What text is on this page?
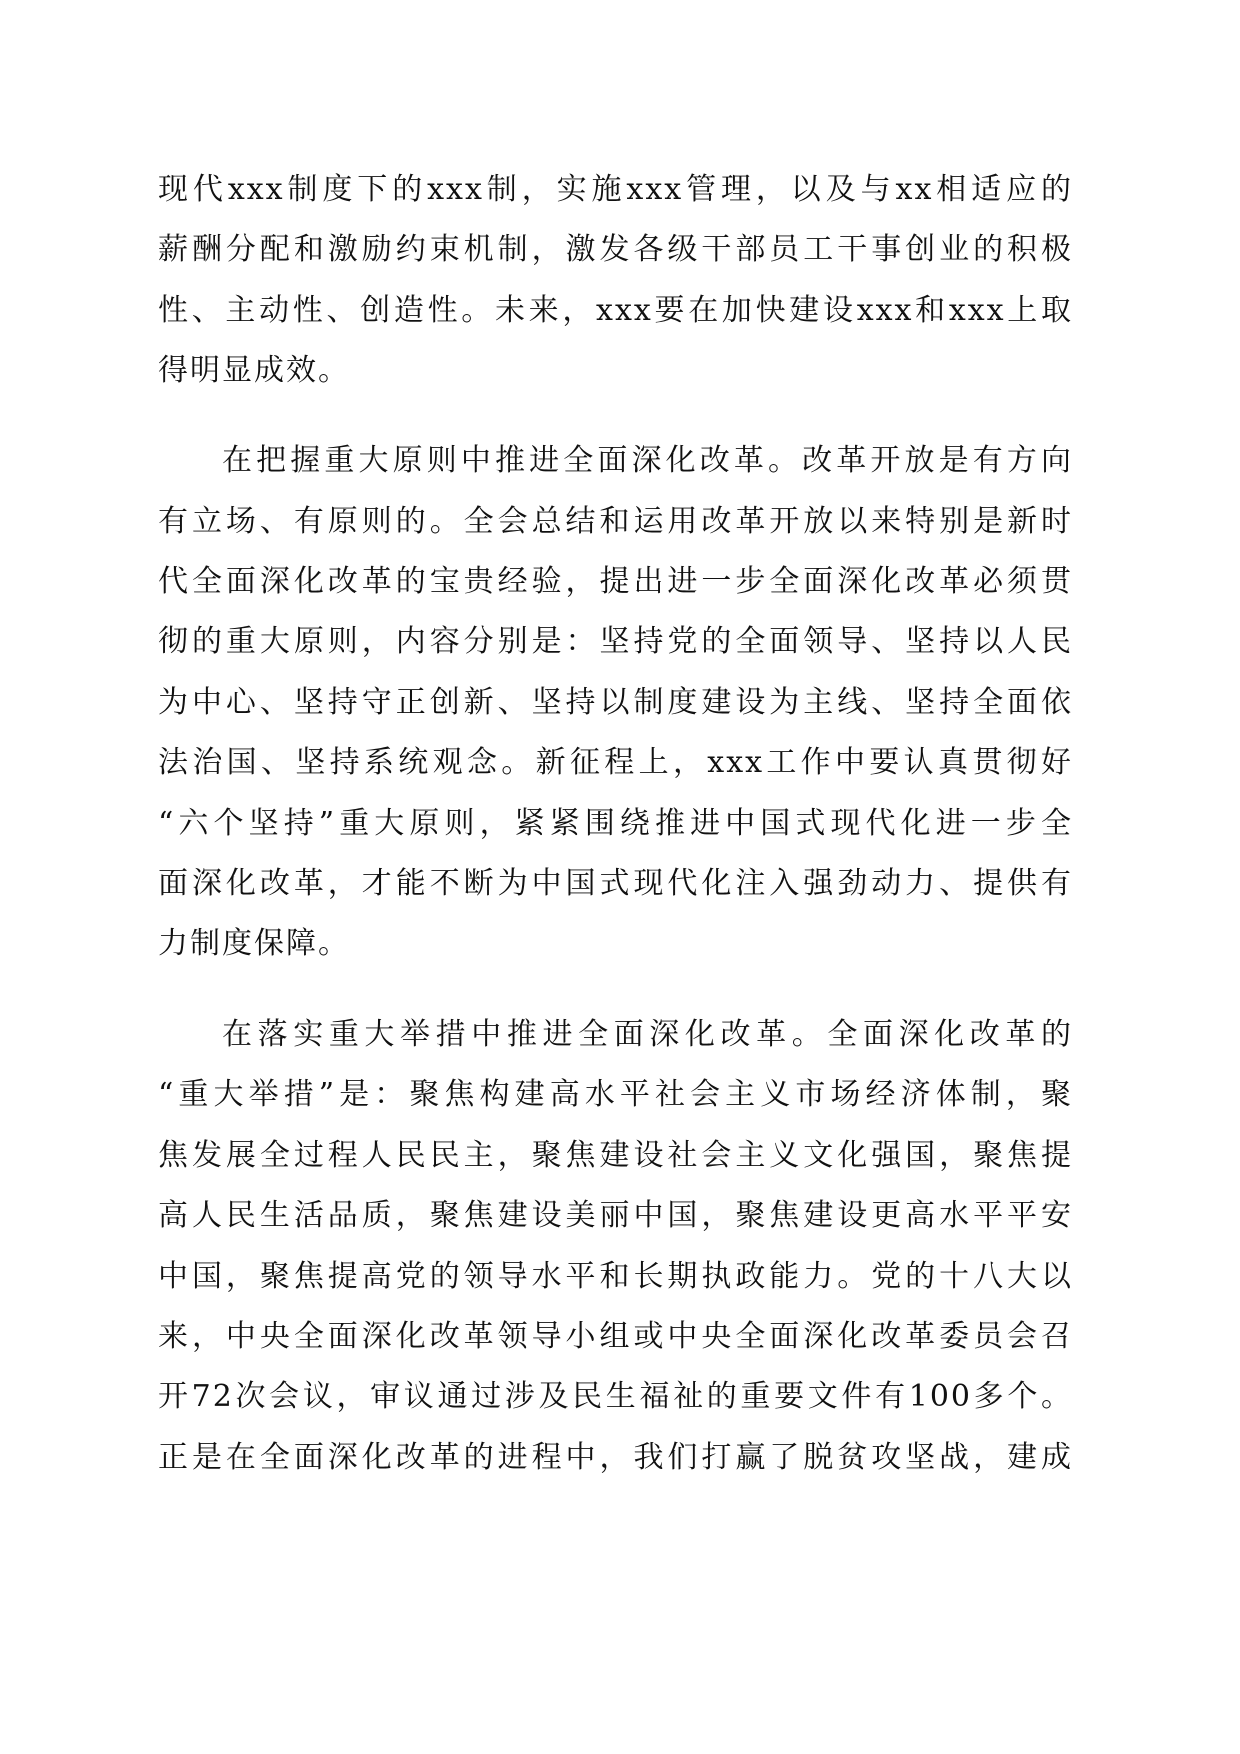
现代xxx制度下的xxx制，实施xxx管理，以及与xx相适应的
薪酬分配和激励约束机制，激发各级干部员工干事创业的积极
性、主动性、创造性。未来，xxx要在加快建设xxx和xxx上取
得明显成效。
在把握重大原则中推进全面深化改革。改革开放是有方向
有立场、有原则的。全会总结和运用改革开放以来特别是新时
代全面深化改革的宝贵经验，提出进一步全面深化改革必须贯
彻的重大原则，内容分别是：坚持党的全面领导、坚持以人民
为中心、坚持守正创新、坚持以制度建设为主线、坚持全面依
法治国、坚持系统观念。新征程上，xxx工作中要认真贯彻好
“六个坚持”重大原则，紧紧围绕推进中国式现代化进一步全
面深化改革，才能不断为中国式现代化注入强劲动力、提供有
力制度保障。
在落实重大举措中推进全面深化改革。全面深化改革的
“重大举措”是：聚焦构建高水平社会主义市场经济体制，聚
焦发展全过程人民民主，聚焦建设社会主义文化强国，聚焦提
高人民生活品质，聚焦建设美丽中国，聚焦建设更高水平平安
中国，聚焦提高党的领导水平和长期执政能力。党的十八大以
来，中央全面深化改革领导小组或中央全面深化改革委员会召
开72次会议，审议通过涉及民生福祉的重要文件有100多个。
正是在全面深化改革的进程中，我们打赢了脱贫攻坚战，建成
